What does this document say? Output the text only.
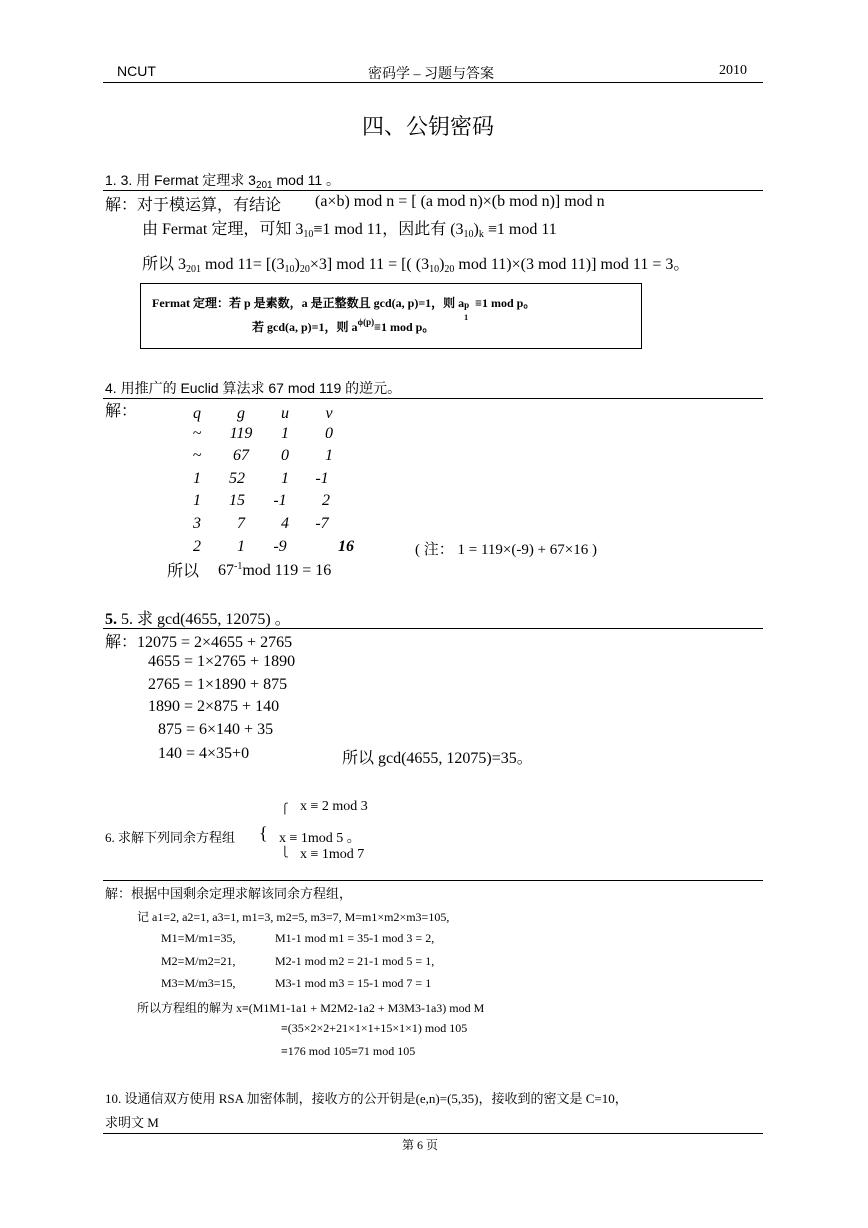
NCUT	密码学 – 习题与答案	2010
四、公钥密码
1. 3. 用 Fermat 定理求 $3_{201}$ mod 11 。
解：对于模运算，有结论 (a×b) mod n = [ (a mod n)×(b mod n)] mod n
由 Fermat 定理，可知 310≡1 mod 11，因此有 (310)k ≡1 mod 11
所以 3201 mod 11= [(310)20×3] mod 11 = [( (310)20 mod 11)×(3 mod 11)] mod 11 = 3。
Fermat 定理：若 p 是素数，a 是正整数且 gcd(a, p)=1，则 a p
1
≡1 mod p。
若 gcd(a, p)=1，则 $a^{\phi(p)}\equiv 1$ mod p。
4. 用推广的 Euclid 算法求 67 mod 119 的逆元。
解：	q	g	u	v
~	119	1	0
~	67	0	1
1	52	1	-1
1	15	-1	2
3	7	4	-7
2	1	-9	16	( 注： 1 = 119×(-9) + 67×16 )
所以 $67^{-1}mod$ 119 = 16
5. 5. 求 gcd(4655, 12075) 。
解：12075 = 2×4655 + 2765
4655 = 1×2765 + 1890
2765 = 1×1890 + 875
1890 = 2×875 + 140
875 = 6×140 + 35
140 = 4×35+0	所以 gcd(4655, 12075)=35。
6. 求解下列同余方程组 {
⎧ x ≡ 2 mod 3
x ≡ 1mod 5 。
⎩ x ≡ 1mod 7
解：根据中国剩余定理求解该同余方程组，
记 a1=2, a2=1, a3=1, m1=3, m2=5, m3=7, M=m1×m2×m3=105,
M1=M/m1=35,	M1-1 mod m1 = 35-1 mod 3 = 2,
M2=M/m2=21,	M2-1 mod m2 = 21-1 mod 5 = 1,
M3=M/m3=15,	M3-1 mod m3 = 15-1 mod 7 = 1
所以方程组的解为 x≡(M1M1-1a1 + M2M2-1a2 + M3M3-1a3) mod M
≡(35×2×2+21×1×1+15×1×1) mod 105
≡176 mod 105≡71 mod 105
10. 设通信双方使用 RSA 加密体制，接收方的公开钥是(e,n)=(5,35)，接收到的密文是 C=10，
求明文 M
第 6 页
